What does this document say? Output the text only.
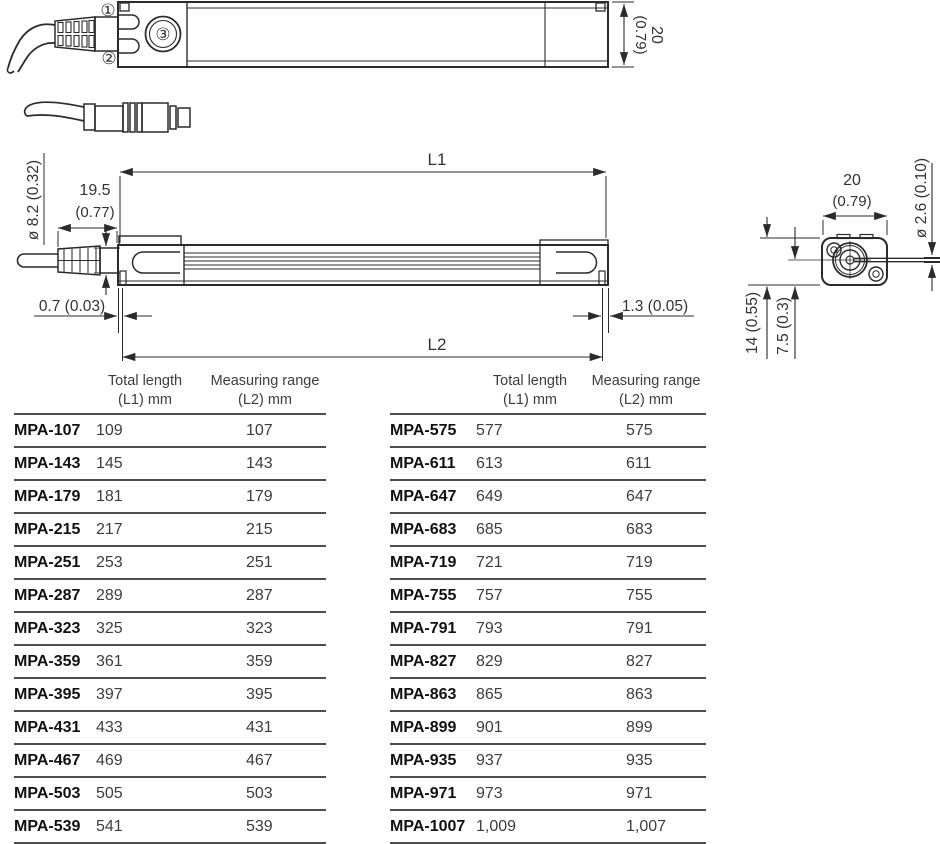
①
②
③	20
(0.79)
L1
19.5
(0.77)
ø 8.2 (0.32)
0.7 (0.03)	1.3 (0.05)
L2
20
(0.79)	ø 2.6 (0.10)
14 (0.55) 7.5 (0.3)
Total length
(L1) mm
Measuring range
(L2) mm
MPA-107 109	107
MPA-143 145	143
MPA-179 181	179
MPA-215 217	215
MPA-251 253	251
MPA-287 289	287
MPA-323 325	323
MPA-359 361	359
MPA-395 397	395
MPA-431 433	431
MPA-467 469	467
MPA-503 505	503
MPA-539 541	539
Total length
(L1) mm
Measuring range
(L2) mm
MPA-575	577	575
MPA-611	613	611
MPA-647	649	647
MPA-683	685	683
MPA-719	721	719
MPA-755	757	755
MPA-791	793	791
MPA-827	829	827
MPA-863	865	863
MPA-899	901	899
MPA-935	937	935
MPA-971	973	971
MPA-1007 1,009	1,007
